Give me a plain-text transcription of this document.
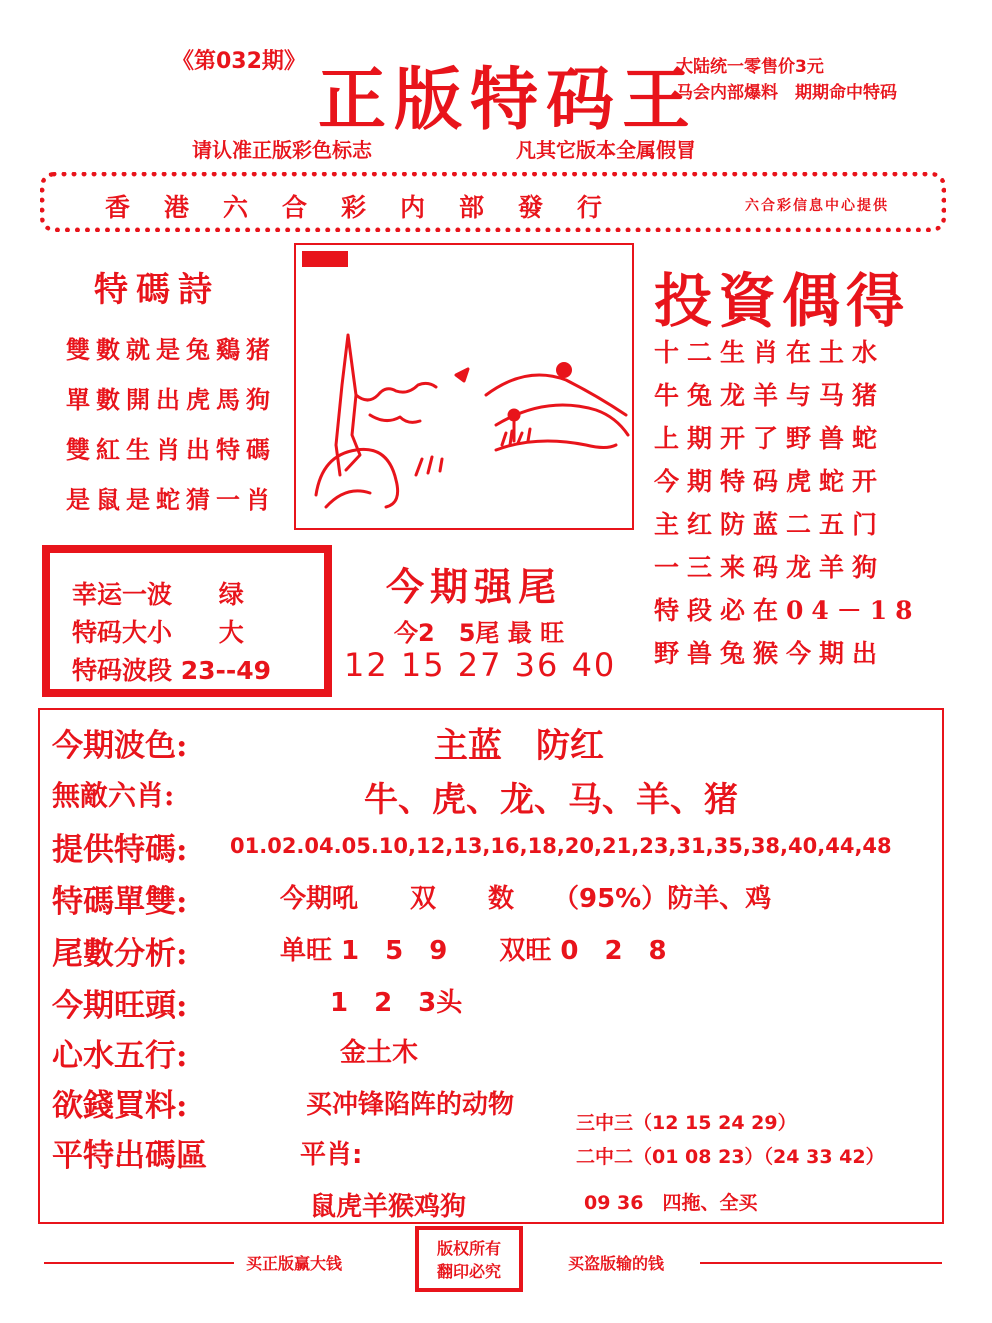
《第032期》 正版特码王
大陆统一零售价3元
马会内部爆料　期期命中特码
请认准正版彩色标志	凡其它版本全属假冒
香港六合彩内部發行	六合彩信息中心提供
特碼詩
雙數就是兔鷄猪
單數開出虎馬狗
雙紅生肖出特碼
是鼠是蛇猜一肖
投資偶得
十二生肖在土水
牛兔龙羊与马猪
上期开了野兽蛇
今期特码虎蛇开
主红防蓝二五门
一三来码龙羊狗
特段必在04－18
野兽兔猴今期出
幸运一波 绿
特码大小 大
特码波段 23--49
今期强尾
今2　5尾 最 旺
12 15 27 36 40
今期波色:	主蓝　防红
無敵六肖:	牛、虎、龙、马、羊、猪
提供特碼: 01.02.04.05.10,12,13,16,18,20,21,23,31,35,38,40,44,48
特碼單雙:	今期吼　　双　　数　　（95%）防羊、鸡
尾數分析:	单旺 1　5　9　　双旺 0　2　8
今期旺頭:	1　2　3头
心水五行:	金土木
欲錢買料:	买冲锋陷阵的动物
平特出碼區	平肖:
鼠虎羊猴鸡狗
三中三（12 15 24 29）
二中二（01 08 23）（24 33 42）
09 36　四拖、全买
买正版赢大钱
版权所有
翻印必究	买盗版输的钱
